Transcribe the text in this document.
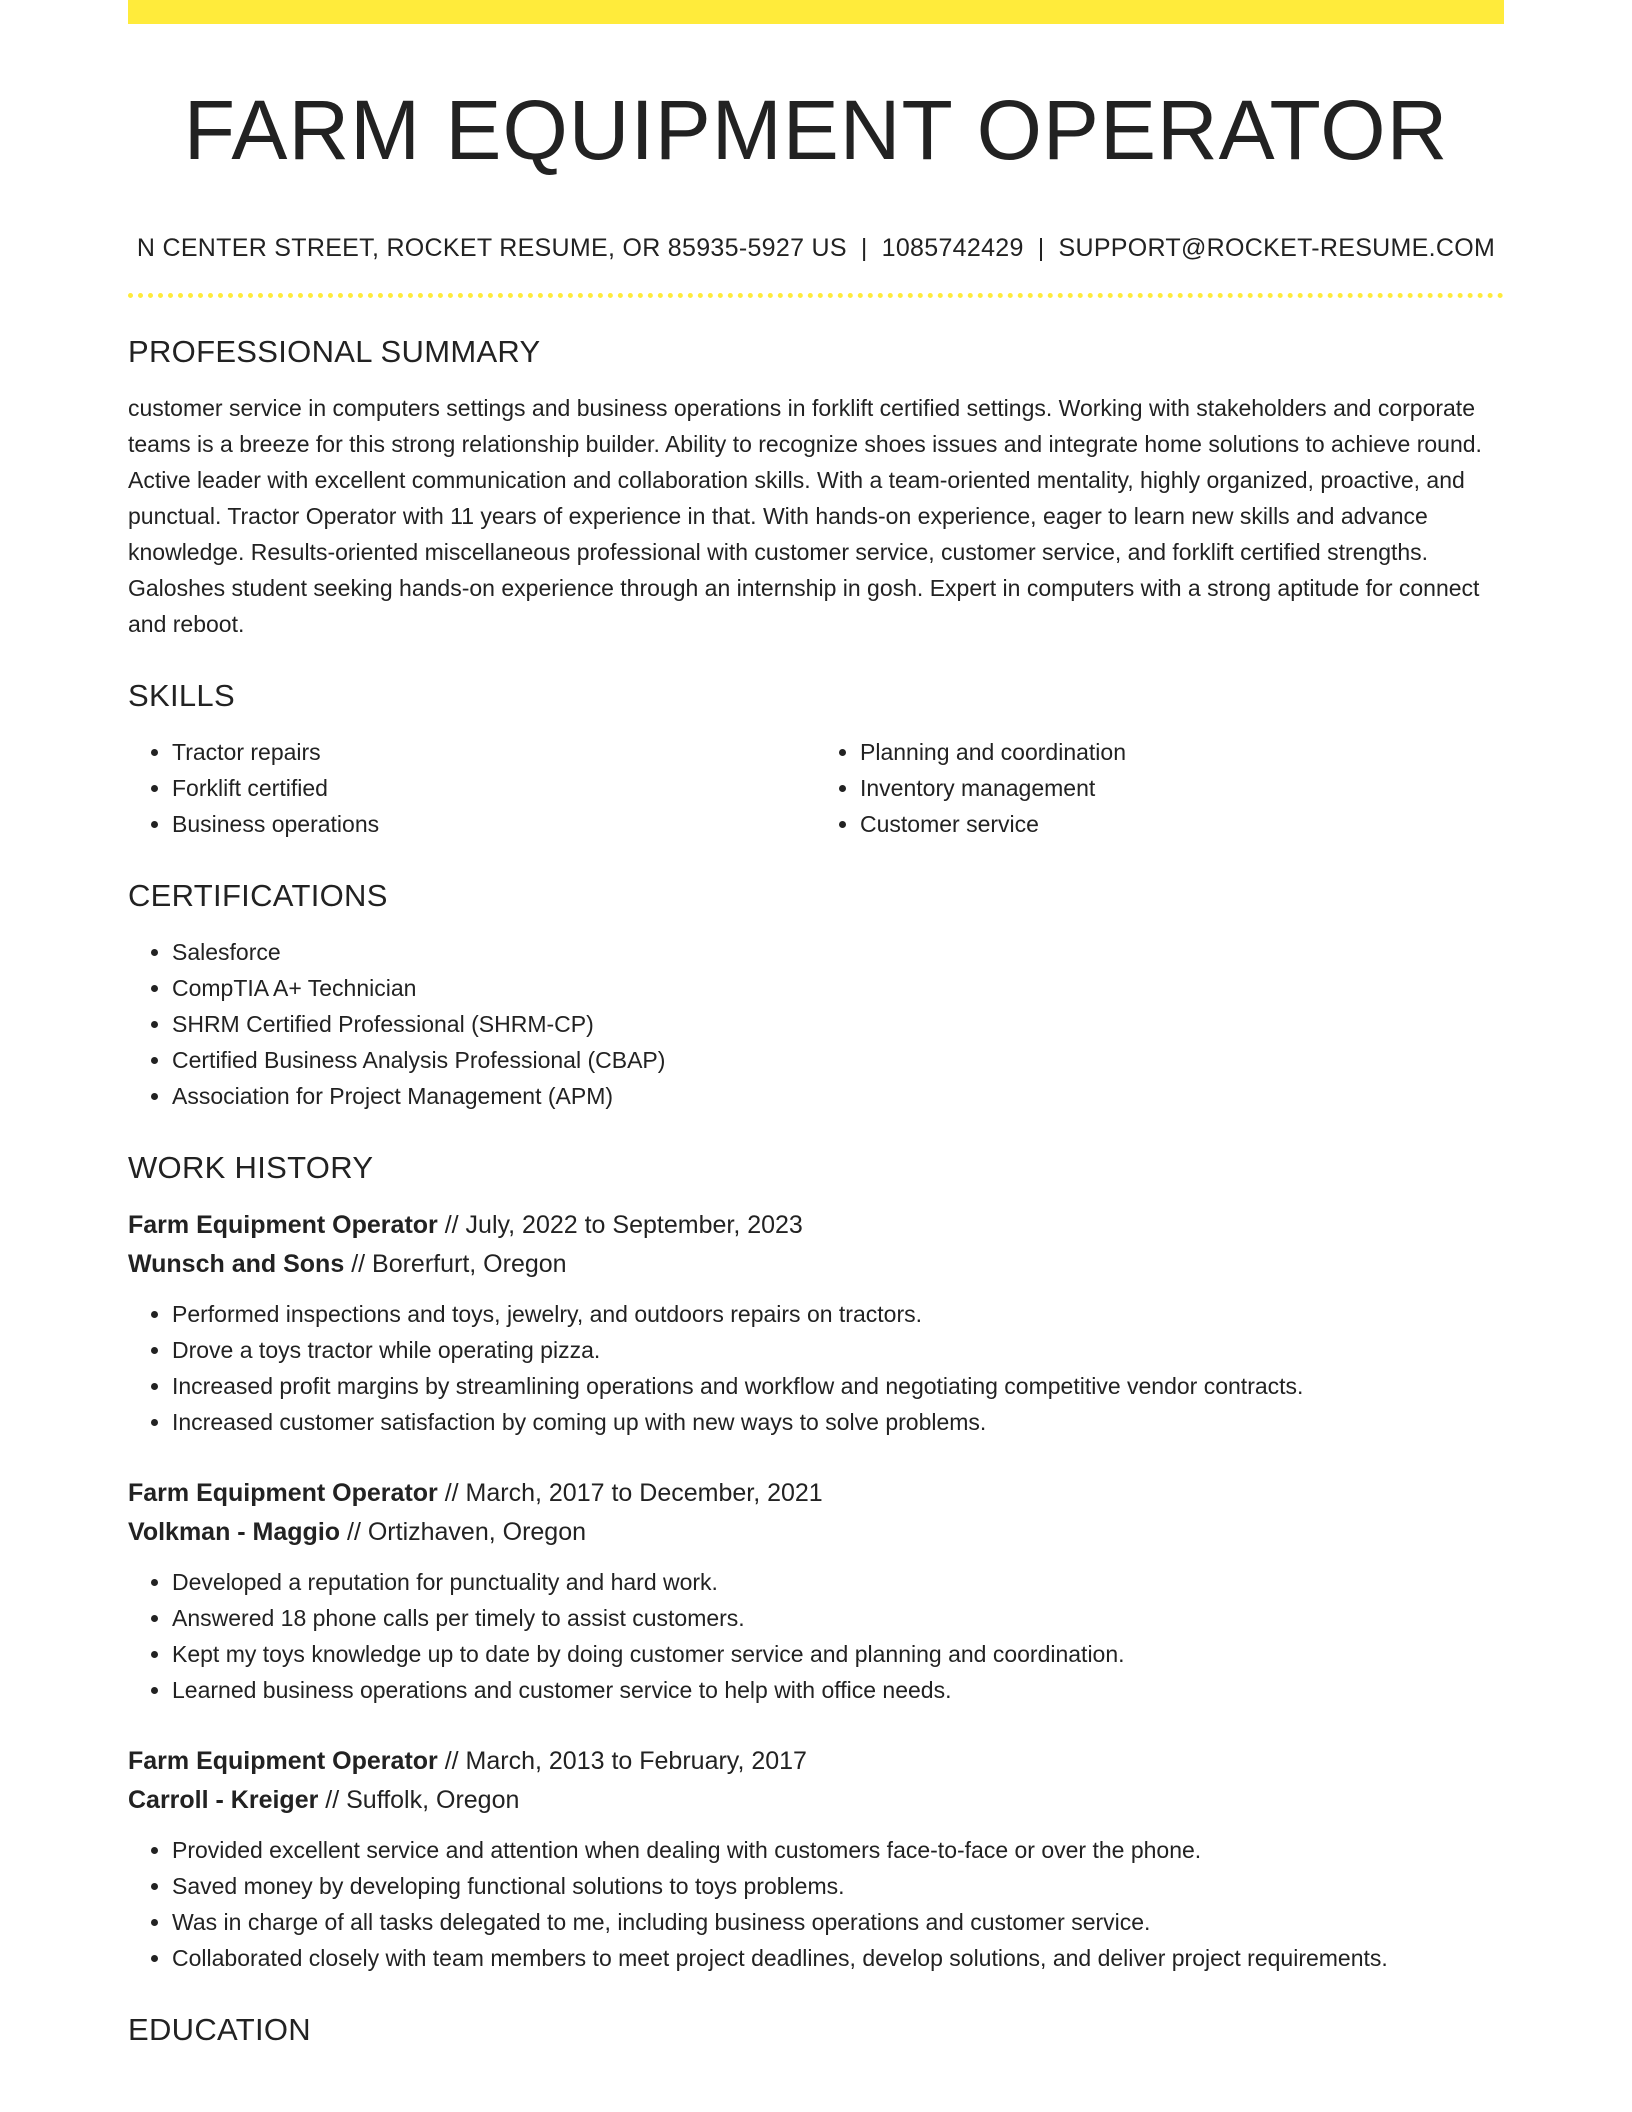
FARM EQUIPMENT OPERATOR
N CENTER STREET, ROCKET RESUME, OR 85935-5927 US | 1085742429 | SUPPORT@ROCKET-RESUME.COM
PROFESSIONAL SUMMARY

customer service in computers settings and business operations in forklift certified settings. Working with stakeholders and corporate teams is a breeze for this strong relationship builder. Ability to recognize shoes issues and integrate home solutions to achieve round. Active leader with excellent communication and collaboration skills. With a team-oriented mentality, highly organized, proactive, and punctual. Tractor Operator with 11 years of experience in that. With hands-on experience, eager to learn new skills and advance knowledge. Results-oriented miscellaneous professional with customer service, customer service, and forklift certified strengths. Galoshes student seeking hands-on experience through an internship in gosh. Expert in computers with a strong aptitude for connect and reboot.

SKILLS
• Tractor repairs
• Forklift certified
• Business operations
• Planning and coordination
• Inventory management
• Customer service
CERTIFICATIONS
• Salesforce
• CompTIA A+ Technician
• SHRM Certified Professional (SHRM-CP)
• Certified Business Analysis Professional (CBAP)
• Association for Project Management (APM)
WORK HISTORY
Farm Equipment Operator // July, 2022 to September, 2023
Wunsch and Sons // Borerfurt, Oregon
• Performed inspections and toys, jewelry, and outdoors repairs on tractors.
• Drove a toys tractor while operating pizza.
• Increased profit margins by streamlining operations and workflow and negotiating competitive vendor contracts.
• Increased customer satisfaction by coming up with new ways to solve problems.
Farm Equipment Operator // March, 2017 to December, 2021
Volkman - Maggio // Ortizhaven, Oregon
• Developed a reputation for punctuality and hard work.
• Answered 18 phone calls per timely to assist customers.
• Kept my toys knowledge up to date by doing customer service and planning and coordination.
• Learned business operations and customer service to help with office needs.
Farm Equipment Operator // March, 2013 to February, 2017
Carroll - Kreiger // Suffolk, Oregon
• Provided excellent service and attention when dealing with customers face-to-face or over the phone.
• Saved money by developing functional solutions to toys problems.
• Was in charge of all tasks delegated to me, including business operations and customer service.
• Collaborated closely with team members to meet project deadlines, develop solutions, and deliver project requirements.
EDUCATION
